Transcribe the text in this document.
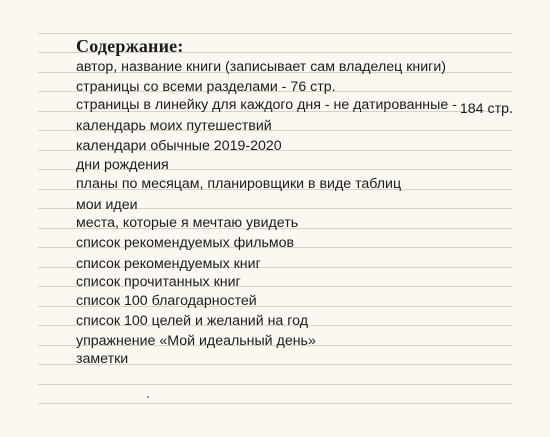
Содержание:
автор, название книги (записывает сам владелец книги)
страницы со всеми разделами - 76 стр.
страницы в линейку для каждого дня - не датированные - 184 стр.
календарь моих путешествий
календари обычные 2019-2020
дни рождения
планы по месяцам, планировщики в виде таблиц
мои идеи
места, которые я мечтаю увидеть
список рекомендуемых фильмов
список рекомендуемых книг
список прочитанных книг
список 100 благодарностей
список 100 целей и желаний на год
упражнение «Мой идеальный день»
заметки
